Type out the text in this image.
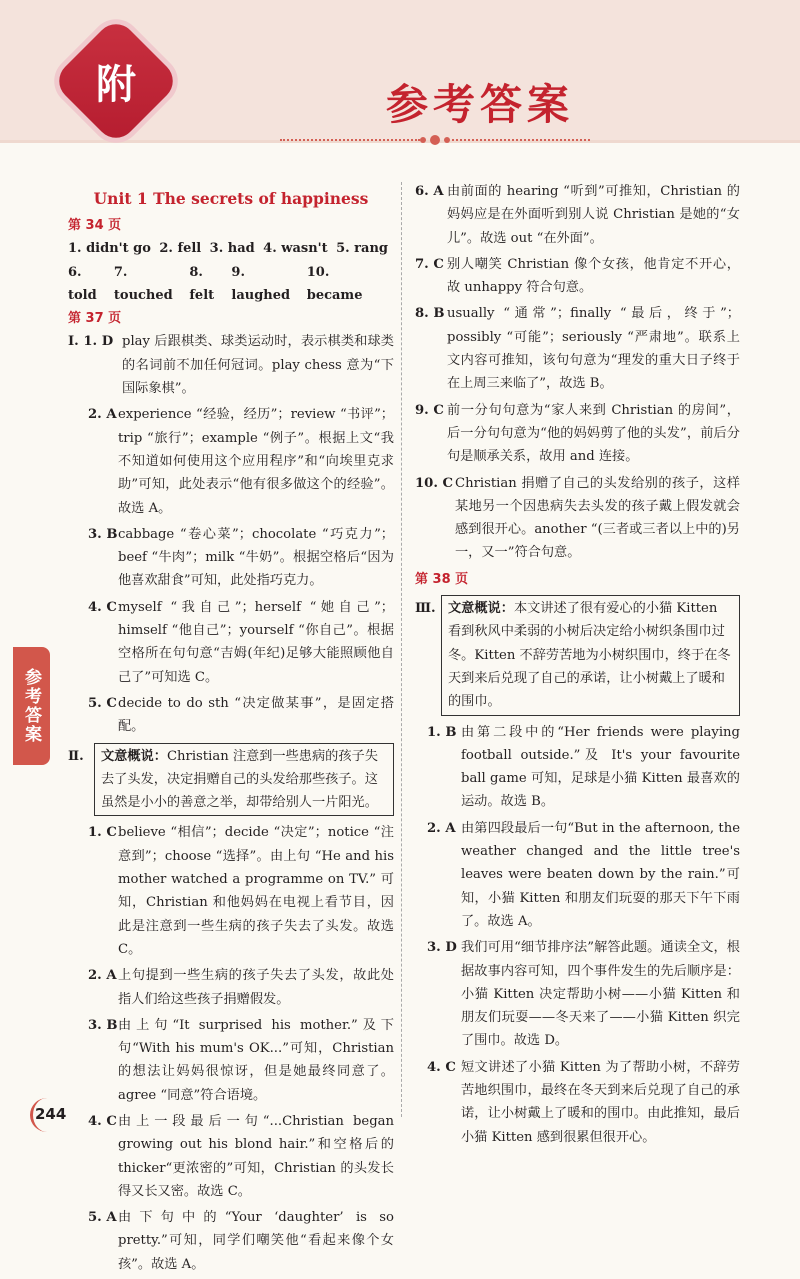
附	参考答案
Unit 1 The secrets of happiness
第 34 页
1. didn't go 2. fell 3. had 4. wasn't 5. rang
6. told
7. touched
8. felt
9. laughed
10. became
第 37 页
Ⅰ. 1. D play 后跟棋类、球类运动时，表示棋类和球类的名词前不加任何冠词。play chess 意为“下国际象棋”。
2. A experience “经验，经历”；review “书评”；trip “旅行”；example “例子”。根据上文“我不知道如何使用这个应用程序”和“向埃里克求助”可知，此处表示“他有很多做这个的经验”。故选 A。
3. B cabbage “卷心菜”；chocolate “巧克力”；beef “牛肉”；milk “牛奶”。根据空格后“因为他喜欢甜食”可知，此处指巧克力。
4. C myself “我自己”；herself “她自己”；himself “他自己”；yourself “你自己”。根据空格所在句句意“吉姆(年纪)足够大能照顾他自己了”可知选 C。
5. C decide to do sth “决定做某事”，是固定搭配。
Ⅱ.	文意概说：Christian 注意到一些患病的孩子失去了头发，决定捐赠自己的头发给那些孩子。这虽然是小小的善意之举，却带给别人一片阳光。
1. C believe “相信”；decide “决定”；notice “注意到”；choose “选择”。由上句 “He and his mother watched a programme on TV.” 可知，Christian 和他妈妈在电视上看节目，因此是注意到一些生病的孩子失去了头发。故选 C。
2. A 上句提到一些生病的孩子失去了头发，故此处指人们给这些孩子捐赠假发。
3. B 由上句“It surprised his mother.”及下句“With his mum's OK...”可知，Christian 的想法让妈妈很惊讶，但是她最终同意了。agree “同意”符合语境。
4. C 由上一段最后一句“...Christian began growing out his blond hair.”和空格后的 thicker“更浓密的”可知，Christian 的头发长得又长又密。故选 C。
5. A 由下句中的“Your ‘daughter’ is so pretty.”可知，同学们嘲笑他“看起来像个女孩”。故选 A。
6. A 由前面的 hearing “听到”可推知，Christian 的妈妈应是在外面听到别人说 Christian 是她的“女儿”。故选 out “在外面”。
7. C 别人嘲笑 Christian 像个女孩，他肯定不开心，故 unhappy 符合句意。
8. B usually “通常”；finally “最后，终于”；possibly “可能”；seriously “严肃地”。联系上文内容可推知，该句句意为“理发的重大日子终于在上周三来临了”，故选 B。
9. C 前一分句句意为“家人来到 Christian 的房间”，后一分句句意为“他的妈妈剪了他的头发”，前后分句是顺承关系，故用 and 连接。
10. C Christian 捐赠了自己的头发给别的孩子，这样某地另一个因患病失去头发的孩子戴上假发就会感到很开心。another “(三者或三者以上中的)另一，又一”符合句意。
第 38 页
Ⅲ. 文意概说：本文讲述了很有爱心的小猫 Kitten 看到秋风中柔弱的小树后决定给小树织条围巾过冬。Kitten 不辞劳苦地为小树织围巾，终于在冬天到来后兑现了自己的承诺，让小树戴上了暖和的围巾。
1. B 由第二段中的“Her friends were playing football outside.”及 It's your favourite ball game 可知，足球是小猫 Kitten 最喜欢的运动。故选 B。
2. A 由第四段最后一句“But in the afternoon, the weather changed and the little tree's leaves were beaten down by the rain.”可知，小猫 Kitten 和朋友们玩耍的那天下午下雨了。故选 A。
3. D 我们可用“细节排序法”解答此题。通读全文，根据故事内容可知，四个事件发生的先后顺序是：小猫 Kitten 决定帮助小树——小猫 Kitten 和朋友们玩耍——冬天来了——小猫 Kitten 织完了围巾。故选 D。
4. C 短文讲述了小猫 Kitten 为了帮助小树，不辞劳苦地织围巾，最终在冬天到来后兑现了自己的承诺，让小树戴上了暖和的围巾。由此推知，最后小猫 Kitten 感到很累但很开心。
参考答案
244
